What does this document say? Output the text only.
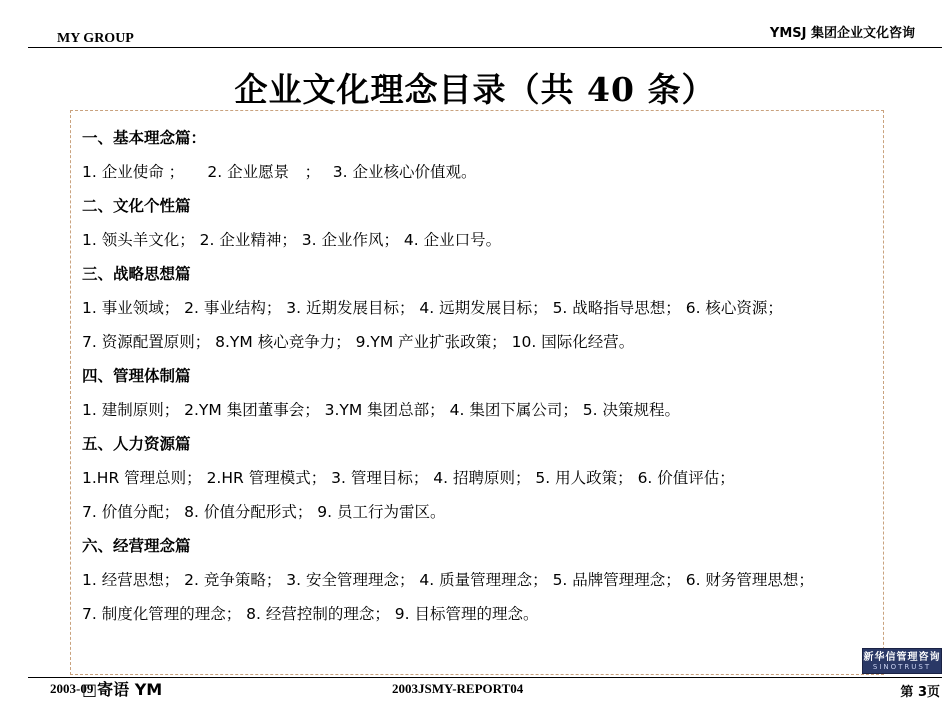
MY GROUP	YMSJ 集团企业文化咨询
企业文化理念目录（共 40 条）
一、基本理念篇：
1. 企业使命 ；　　2. 企业愿景　；　 3. 企业核心价值观。
二、文化个性篇
1. 领头羊文化； 2. 企业精神； 3. 企业作风； 4. 企业口号。
三、战略思想篇
1. 事业领域； 2. 事业结构； 3. 近期发展目标； 4. 远期发展目标； 5. 战略指导思想； 6. 核心资源；
7. 资源配置原则； 8.YM 核心竞争力； 9.YM 产业扩张政策； 10. 国际化经营。
四、管理体制篇
1. 建制原则； 2.YM 集团董事会； 3.YM 集团总部； 4. 集团下属公司； 5. 决策规程。
五、人力资源篇
1.HR 管理总则； 2.HR 管理模式； 3. 管理目标； 4. 招聘原则； 5. 用人政策； 6. 价值评估；
7. 价值分配； 8. 价值分配形式； 9. 员工行为雷区。
六、经营理念篇
1. 经营思想； 2. 竞争策略； 3. 安全管理理念； 4. 质量管理理念； 5. 品牌管理理念； 6. 财务管理思想；
7. 制度化管理的理念； 8. 经营控制的理念； 9. 目标管理的理念。
新华信管理咨询
SINOTRUST
2003-09
□寄语 YM	2003JSMY-REPORT04	第 3页
